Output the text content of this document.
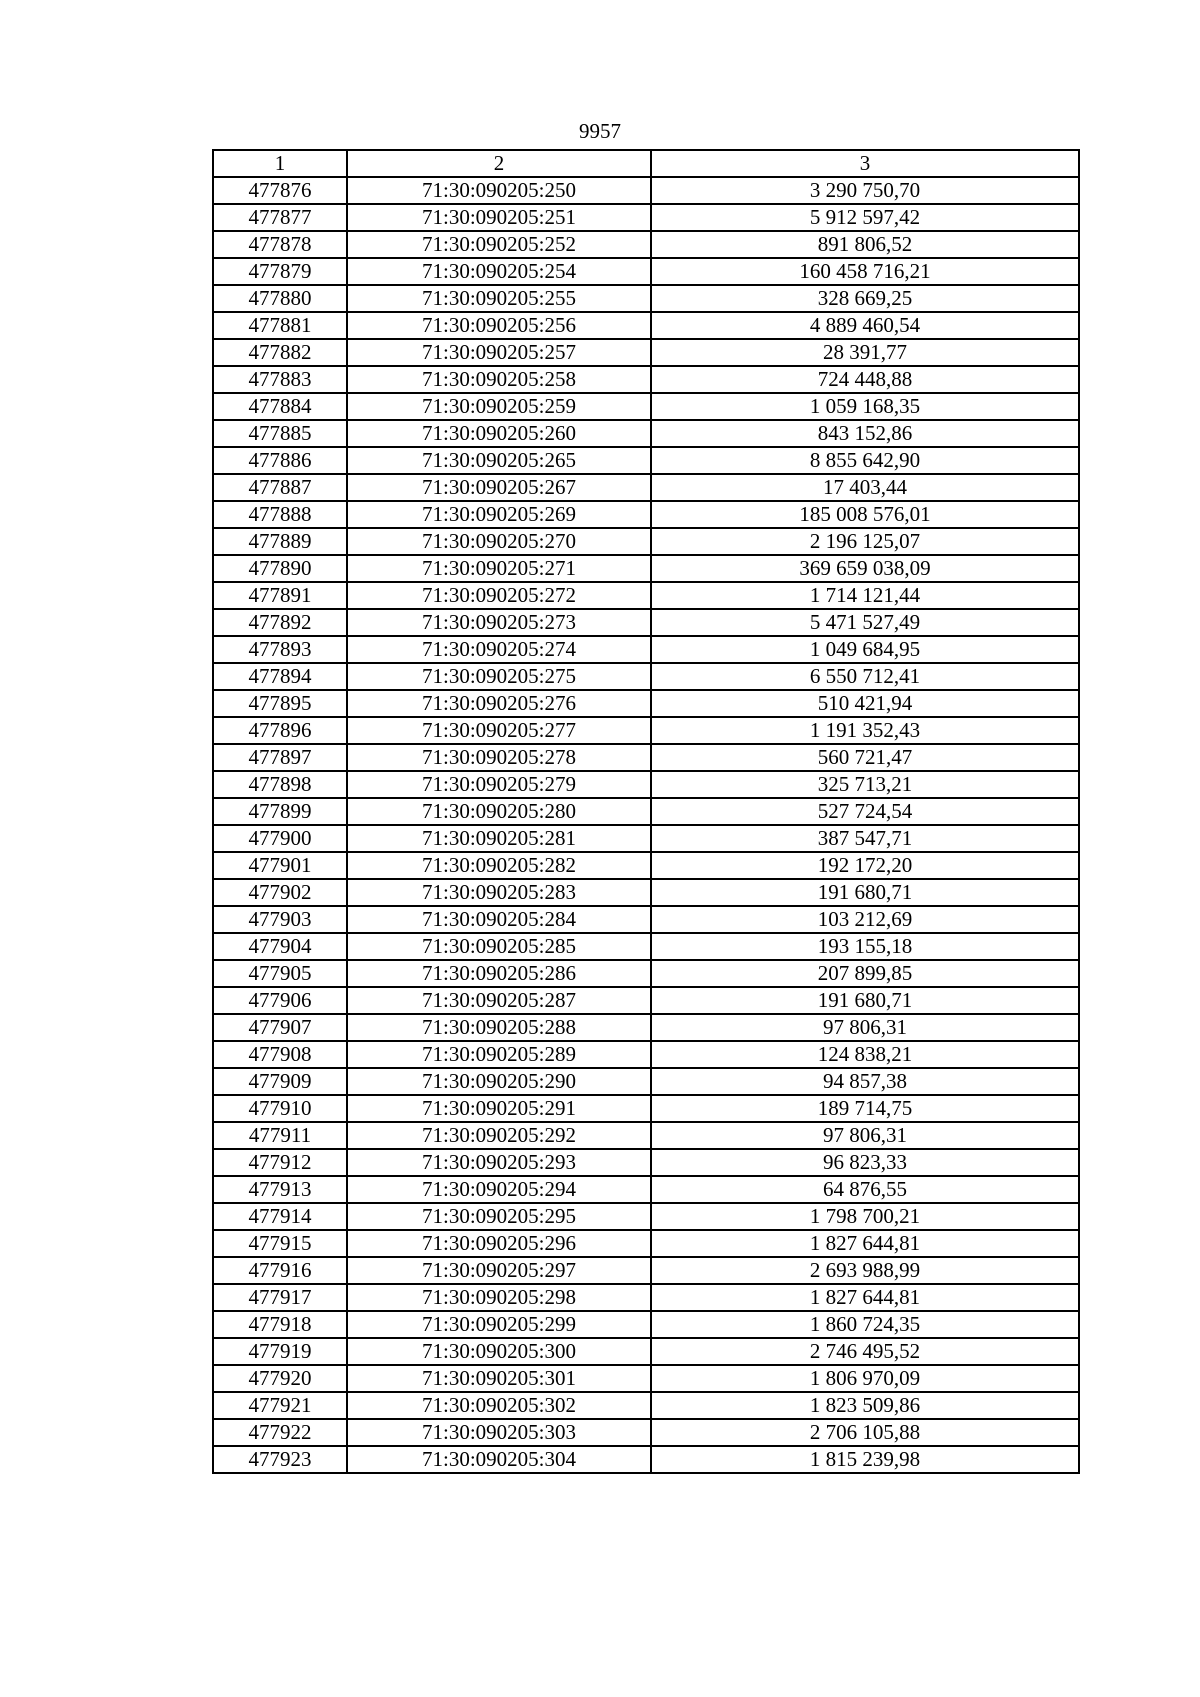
9957
1	2	3
477876	71:30:090205:250	3 290 750,70
477877	71:30:090205:251	5 912 597,42
477878	71:30:090205:252	891 806,52
477879	71:30:090205:254	160 458 716,21
477880	71:30:090205:255	328 669,25
477881	71:30:090205:256	4 889 460,54
477882	71:30:090205:257	28 391,77
477883	71:30:090205:258	724 448,88
477884	71:30:090205:259	1 059 168,35
477885	71:30:090205:260	843 152,86
477886	71:30:090205:265	8 855 642,90
477887	71:30:090205:267	17 403,44
477888	71:30:090205:269	185 008 576,01
477889	71:30:090205:270	2 196 125,07
477890	71:30:090205:271	369 659 038,09
477891	71:30:090205:272	1 714 121,44
477892	71:30:090205:273	5 471 527,49
477893	71:30:090205:274	1 049 684,95
477894	71:30:090205:275	6 550 712,41
477895	71:30:090205:276	510 421,94
477896	71:30:090205:277	1 191 352,43
477897	71:30:090205:278	560 721,47
477898	71:30:090205:279	325 713,21
477899	71:30:090205:280	527 724,54
477900	71:30:090205:281	387 547,71
477901	71:30:090205:282	192 172,20
477902	71:30:090205:283	191 680,71
477903	71:30:090205:284	103 212,69
477904	71:30:090205:285	193 155,18
477905	71:30:090205:286	207 899,85
477906	71:30:090205:287	191 680,71
477907	71:30:090205:288	97 806,31
477908	71:30:090205:289	124 838,21
477909	71:30:090205:290	94 857,38
477910	71:30:090205:291	189 714,75
477911	71:30:090205:292	97 806,31
477912	71:30:090205:293	96 823,33
477913	71:30:090205:294	64 876,55
477914	71:30:090205:295	1 798 700,21
477915	71:30:090205:296	1 827 644,81
477916	71:30:090205:297	2 693 988,99
477917	71:30:090205:298	1 827 644,81
477918	71:30:090205:299	1 860 724,35
477919	71:30:090205:300	2 746 495,52
477920	71:30:090205:301	1 806 970,09
477921	71:30:090205:302	1 823 509,86
477922	71:30:090205:303	2 706 105,88
477923	71:30:090205:304	1 815 239,98
